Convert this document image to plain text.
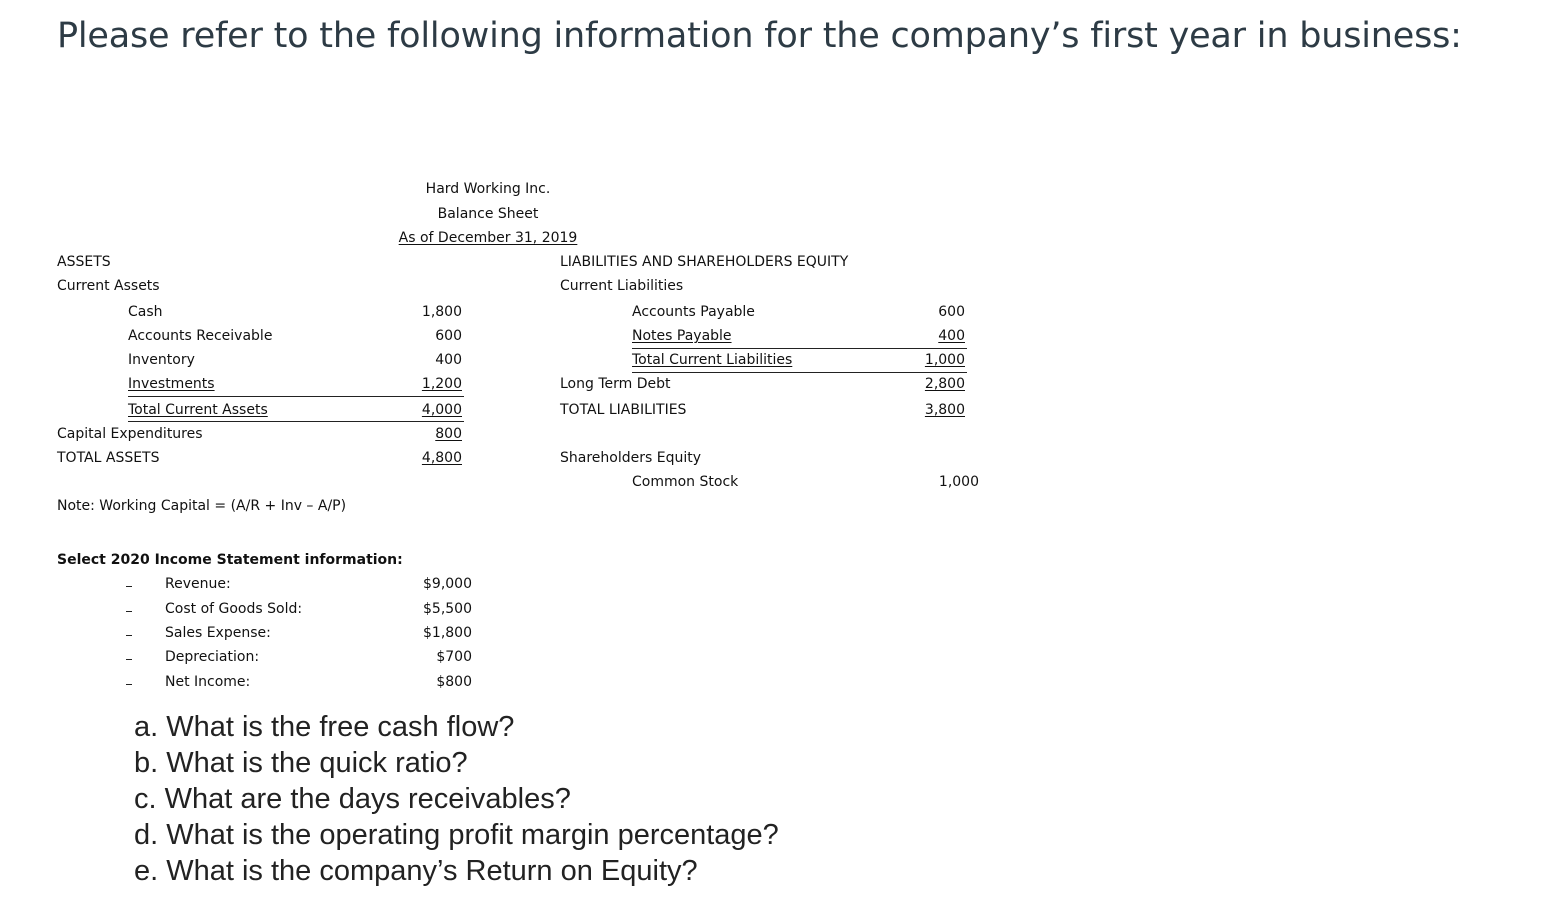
Please refer to the following information for the company’s first year in business:
Hard Working Inc.
Balance Sheet
As of December 31, 2019
ASSETS
Current Assets
Cash	1,800
Accounts Receivable	600
Inventory	400
Investments	1,200
Total Current Assets	4,000
Capital Expenditures	800
TOTAL ASSETS	4,800
LIABILITIES AND SHAREHOLDERS EQUITY
Current Liabilities
Accounts Payable	600
Notes Payable	400
Total Current Liabilities	1,000
Long Term Debt	2,800
TOTAL LIABILITIES	3,800
Shareholders Equity
Common Stock	1,000
Note: Working Capital = (A/R + Inv – A/P)
Select 2020 Income Statement information:
Revenue:	$9,000
Cost of Goods Sold:	$5,500
Sales Expense:	$1,800
Depreciation:	$700
Net Income:	$800
a. What is the free cash flow?
b. What is the quick ratio?
c. What are the days receivables?
d. What is the operating profit margin percentage?
e. What is the company’s Return on Equity?
